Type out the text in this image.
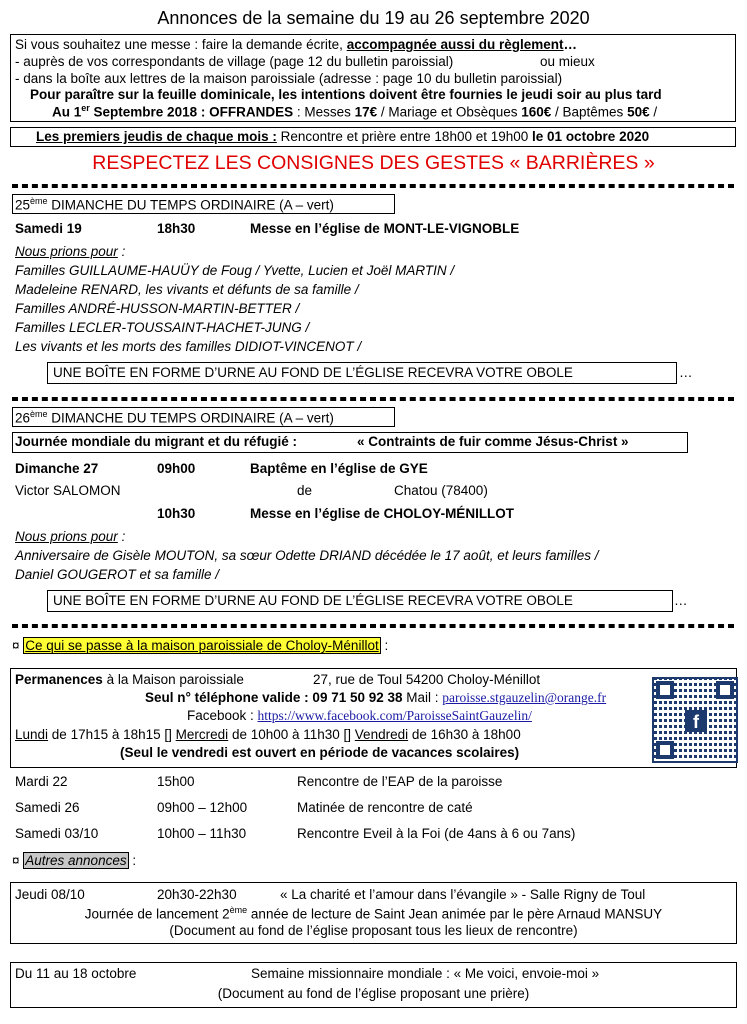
Annonces de la semaine du 19 au 26 septembre 2020
Si vous souhaitez une messe : faire la demande écrite, accompagnée aussi du règlement…
- auprès de vos correspondants de village (page 12 du bulletin paroissial)	ou mieux
- dans la boîte aux lettres de la maison paroissiale (adresse : page 10 du bulletin paroissial)
Pour paraître sur la feuille dominicale, les intentions doivent être fournies le jeudi soir au plus tard
Au 1er Septembre 2018 : OFFRANDES : Messes 17€ / Mariage et Obsèques 160€ / Baptêmes 50€ /
Les premiers jeudis de chaque mois : Rencontre et prière entre 18h00 et 19h00 le 01 octobre 2020
RESPECTEZ LES CONSIGNES DES GESTES « BARRIÈRES »
25ème DIMANCHE DU TEMPS ORDINAIRE (A – vert)
Samedi 19	18h30	Messe en l’église de MONT-LE-VIGNOBLE
Nous prions pour :
Familles GUILLAUME-HAUÜY de Foug / Yvette, Lucien et Joël MARTIN /
Madeleine RENARD, les vivants et défunts de sa famille /
Familles ANDRÉ-HUSSON-MARTIN-BETTER /
Familles LECLER-TOUSSAINT-HACHET-JUNG /
Les vivants et les morts des familles DIDIOT-VINCENOT /
UNE BOÎTE EN FORME D’URNE AU FOND DE L’ÉGLISE RECEVRA VOTRE OBOLE	…
26ème DIMANCHE DU TEMPS ORDINAIRE (A – vert)
Journée mondiale du migrant et du réfugié :	« Contraints de fuir comme Jésus-Christ »
Dimanche 27	09h00	Baptême en l’église de GYE
Victor SALOMON	de	Chatou (78400)
10h30	Messe en l’église de CHOLOY-MÉNILLOT
Nous prions pour :
Anniversaire de Gisèle MOUTON, sa sœur Odette DRIAND décédée le 17 août, et leurs familles /
Daniel GOUGEROT et sa famille /
UNE BOÎTE EN FORME D’URNE AU FOND DE L’ÉGLISE RECEVRA VOTRE OBOLE	…
¤ Ce qui se passe à la maison paroissiale de Choloy-Ménillot :
Permanences à la Maison paroissiale	27, rue de Toul 54200 Choloy-Ménillot
Seul n° téléphone valide : 09 71 50 92 38 Mail : paroisse.stgauzelin@orange.fr
Facebook : https://www.facebook.com/ParoisseSaintGauzelin/
Lundi de 17h15 à 18h15 [] Mercredi de 10h00 à 11h30 [] Vendredi de 16h30 à 18h00
(Seul le vendredi est ouvert en période de vacances scolaires)
f
Mardi 22	15h00	Rencontre de l’EAP de la paroisse
Samedi 26	09h00 – 12h00	Matinée de rencontre de caté
Samedi 03/10	10h00 – 11h30	Rencontre Eveil à la Foi (de 4ans à 6 ou 7ans)
¤ Autres annonces :
Jeudi 08/10	20h30-22h30	« La charité et l’amour dans l’évangile » - Salle Rigny de Toul
Journée de lancement 2ème année de lecture de Saint Jean animée par le père Arnaud MANSUY
(Document au fond de l’église proposant tous les lieux de rencontre)
Du 11 au 18 octobre	Semaine missionnaire mondiale : « Me voici, envoie-moi »
(Document au fond de l’église proposant une prière)
